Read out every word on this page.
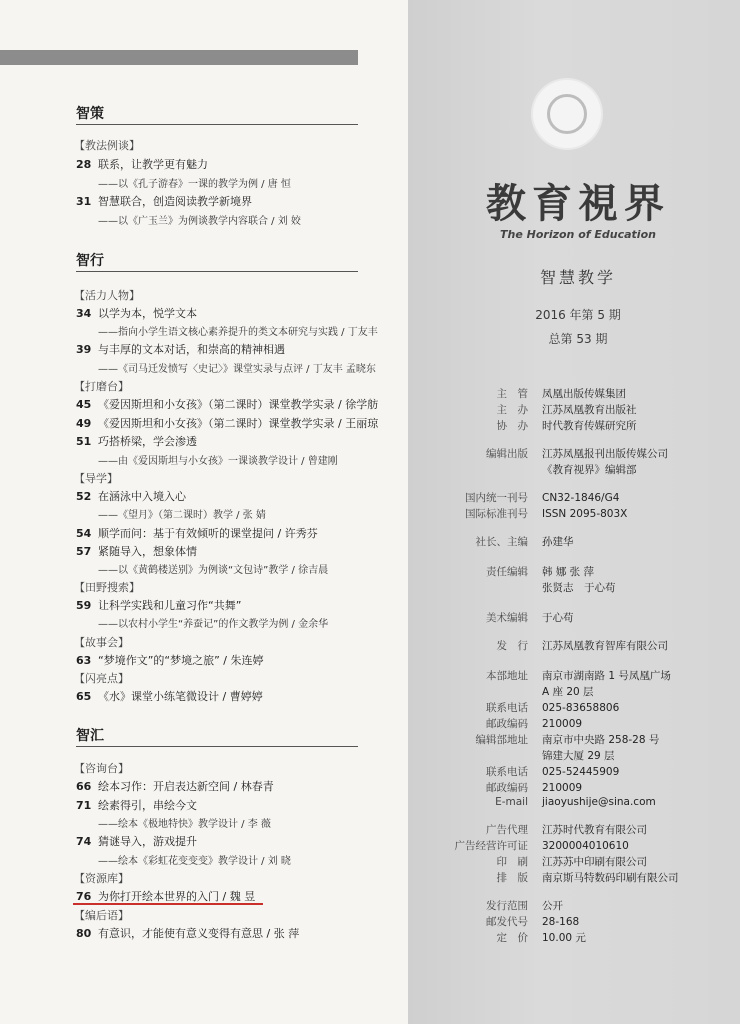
智策
【教法例谈】
28 联系，让教学更有魅力
——以《孔子游春》一课的教学为例 / 唐 恒
31 智慧联合，创造阅读教学新境界
——以《广玉兰》为例谈教学内容联合 / 刘 姣
智行
【活力人物】
34 以学为本，悦学文本
——指向小学生语文核心素养提升的类文本研究与实践 / 丁友丰
39 与丰厚的文本对话，和崇高的精神相遇
——《司马迁发愤写〈史记〉》课堂实录与点评 / 丁友丰 孟晓东
【打磨台】
45 《爱因斯坦和小女孩》（第二课时）课堂教学实录 / 徐学舫
49 《爱因斯坦和小女孩》（第二课时）课堂教学实录 / 王丽琼
51 巧搭桥梁，学会渗透
——由《爱因斯坦与小女孩》一课谈教学设计 / 曾建刚
【导学】
52 在涵泳中入境入心
——《望月》（第二课时）教学 / 张 婧
54 顺学而问：基于有效倾听的课堂提问 / 许秀芬
57 紧随导入，想象体情
——以《黄鹤楼送别》为例谈“文包诗”教学 / 徐吉晨
【田野搜索】
59 让科学实践和儿童习作“共舞”
——以农村小学生“养蚕记”的作文教学为例 / 金余华
【故事会】
63 “梦境作文”的“梦境之旅” / 朱连婷
【闪亮点】
65 《水》课堂小练笔微设计 / 曹婷婷
智汇
【咨询台】
66 绘本习作：开启表达新空间 / 林春青
71 绘素得引，串绘今文
——绘本《极地特快》教学设计 / 李 薇
74 猜谜导入，游戏提升
——绘本《彩虹花变变变》教学设计 / 刘 晓
【资源库】
76 为你打开绘本世界的入门 / 魏 昱
【编后语】
80 有意识，才能使有意义变得有意思 / 张 萍
教育視界
The Horizon of Education
智慧教学
2016 年第 5 期
总第 53 期
主　管 凤凰出版传媒集团
主　办 江苏凤凰教育出版社
协　办 时代教育传媒研究所
编辑出版 江苏凤凰报刊出版传媒公司
《教育视界》编辑部
国内统一刊号 CN32-1846/G4
国际标准刊号 ISSN 2095-803X
社长、主编 孙建华
责任编辑 韩 娜 张 萍
张贤志　于心苟
美术编辑 于心苟
发　行 江苏凤凰教育智库有限公司
本部地址 南京市湖南路 1 号凤凰广场
A 座 20 层
联系电话 025-83658806
邮政编码 210009
编辑部地址 南京市中央路 258-28 号
锦建大厦 29 层
联系电话 025-52445909
邮政编码 210009
E-mail jiaoyushije@sina.com
广告代理 江苏时代教育有限公司
广告经营许可证 3200004010610
印　刷 江苏苏中印刷有限公司
排　版 南京斯马特数码印刷有限公司
发行范围 公开
邮发代号 28-168
定　价 10.00 元
